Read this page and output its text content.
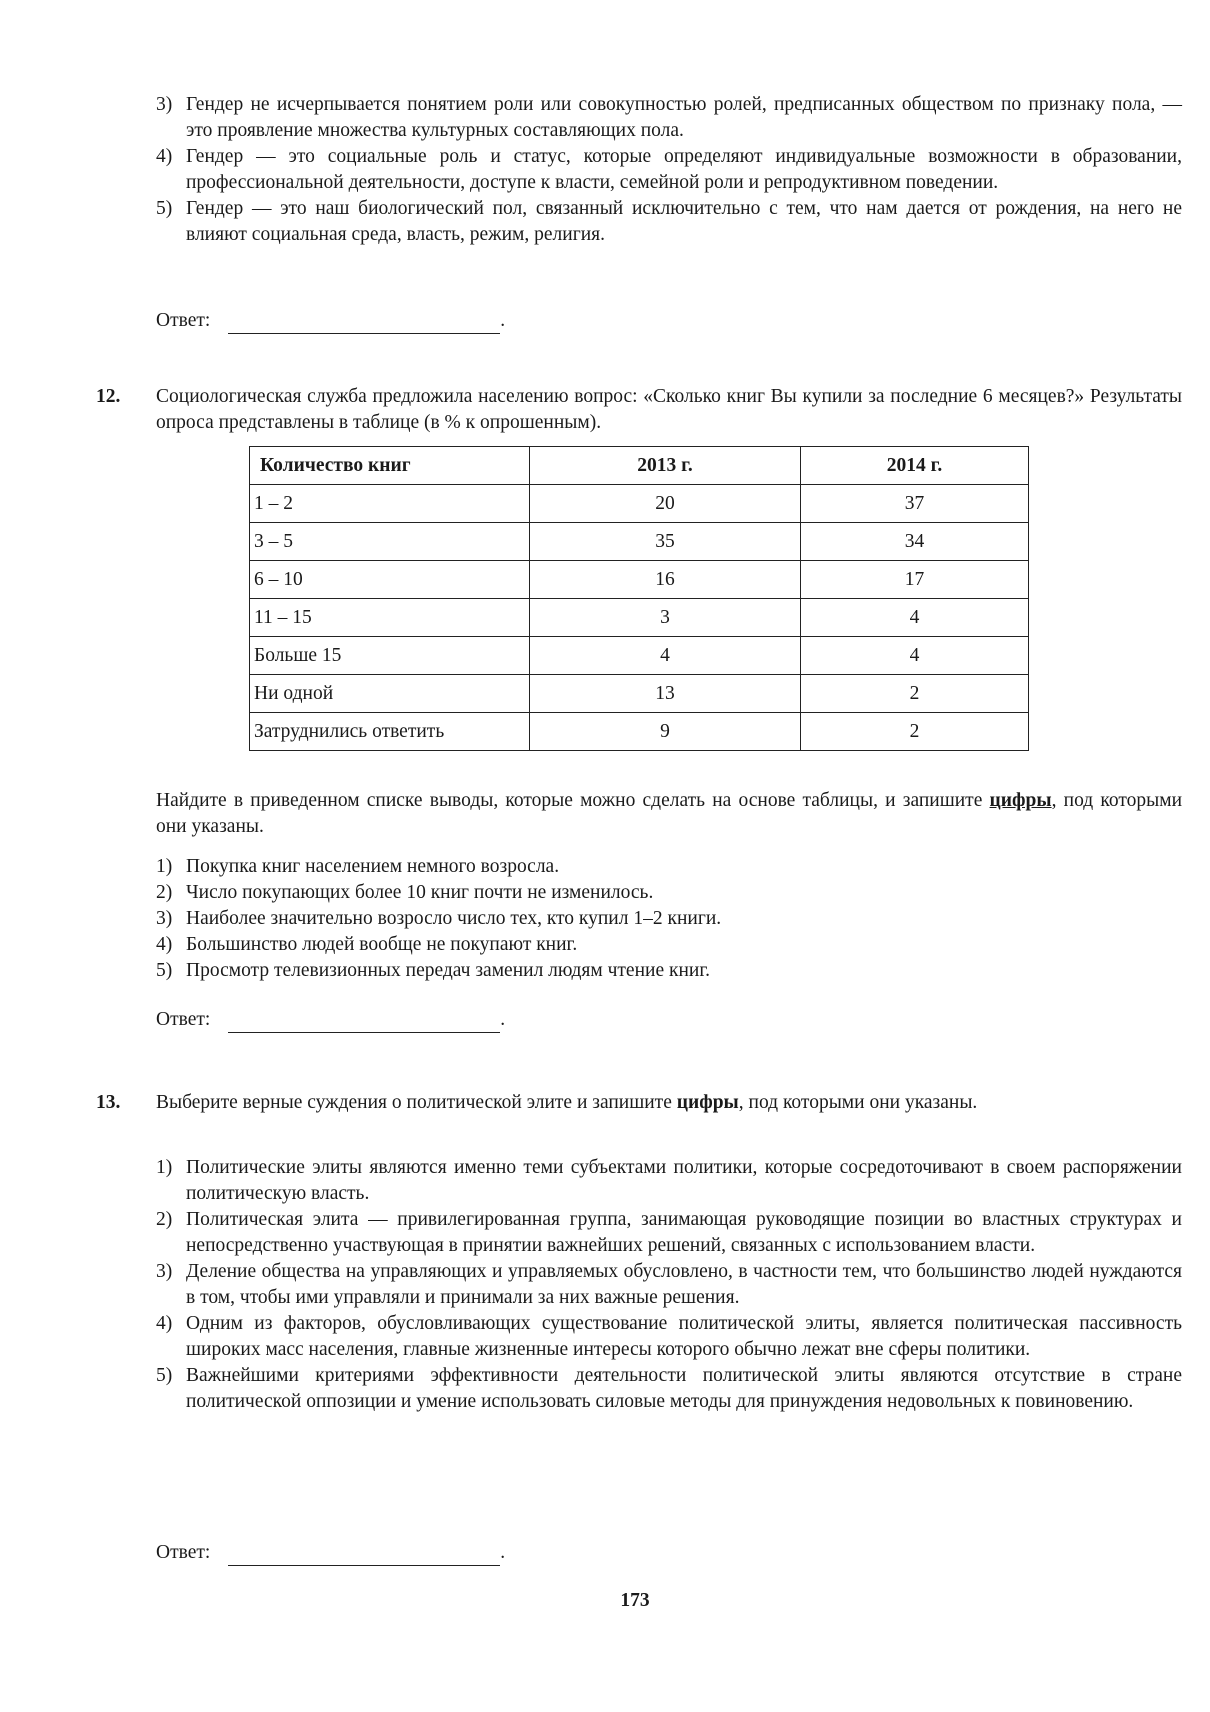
3) Гендер не исчерпывается понятием роли или совокупностью ролей, предписанных обществом по признаку пола, — это проявление множества культурных составляющих пола.
4) Гендер — это социальные роль и статус, которые определяют индивидуальные возможности в образовании, профессиональной деятельности, доступе к власти, семейной роли и репродуктивном поведении.
5) Гендер — это наш биологический пол, связанный исключительно с тем, что нам дается от рождения, на него не влияют социальная среда, власть, режим, религия.
Ответ:	.
12. Социологическая служба предложила населению вопрос: «Сколько книг Вы купили за последние 6 месяцев?» Результаты опроса представлены в таблице (в % к опрошенным).
Количество книг	2013 г.	2014 г.
1 – 2	20	37
3 – 5	35	34
6 – 10	16	17
11 – 15	3	4
Больше 15	4	4
Ни одной	13	2
Затруднились ответить	9	2
Найдите в приведенном списке выводы, которые можно сделать на основе таблицы, и запишите цифры, под которыми они указаны.
1) Покупка книг населением немного возросла.
2) Число покупающих более 10 книг почти не изменилось.
3) Наиболее значительно возросло число тех, кто купил 1–2 книги.
4) Большинство людей вообще не покупают книг.
5) Просмотр телевизионных передач заменил людям чтение книг.
Ответ:	.
13. Выберите верные суждения о политической элите и запишите цифры, под которыми они указаны.
1) Политические элиты являются именно теми субъектами политики, которые сосредоточивают в своем распоряжении политическую власть.
2) Политическая элита — привилегированная группа, занимающая руководящие позиции во властных структурах и непосредственно участвующая в принятии важнейших решений, связанных с использованием власти.
3) Деление общества на управляющих и управляемых обусловлено, в частности тем, что большинство людей нуждаются в том, чтобы ими управляли и принимали за них важные решения.
4) Одним из факторов, обусловливающих существование политической элиты, является политическая пассивность широких масс населения, главные жизненные интересы которого обычно лежат вне сферы политики.
5) Важнейшими критериями эффективности деятельности политической элиты являются отсутствие в стране политической оппозиции и умение использовать силовые методы для принуждения недовольных к повиновению.
Ответ:	.
173
